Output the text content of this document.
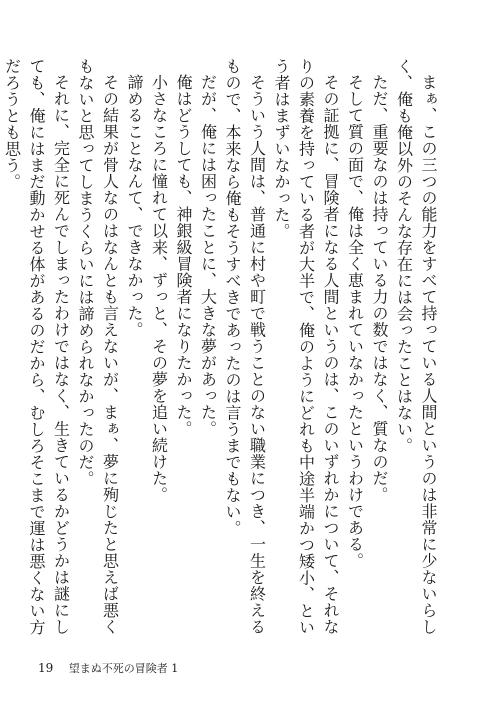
まぁ、この三つの能力をすべて持っている人間というのは非常に少ないらしく、俺も俺以外のそんな存在には会ったことはない。

ただ、重要なのは持っている力の数ではなく、質なのだ。

そして質の面で、俺は全く恵まれていなかったというわけである。

その証拠に、冒険者になる人間というのは、このいずれかについて、それなりの素養を持っている者が大半で、俺のようにどれも中途半端かつ矮小、という者はまずいなかった。

そういう人間は、普通に村や町で戦うことのない職業につき、一生を終えるもので、本来なら俺もそうすべきであったのは言うまでもない。

だが、俺には困ったことに、大きな夢があった。

俺はどうしても、神銀級冒険者になりたかった。

小さなころに憧れて以来、ずっと、その夢を追い続けた。

諦めることなんて、できなかった。

その結果が骨人なのはなんとも言えないが、まぁ、夢に殉じたと思えば悪くもないと思ってしまうくらいには諦められなかったのだ。

それに、完全に死んでしまったわけではなく、生きているかどうかは謎にしても、俺にはまだ動かせる体があるのだから、むしろそこまで運は悪くない方だろうとも思う。

19 望まぬ不死の冒険者 1
